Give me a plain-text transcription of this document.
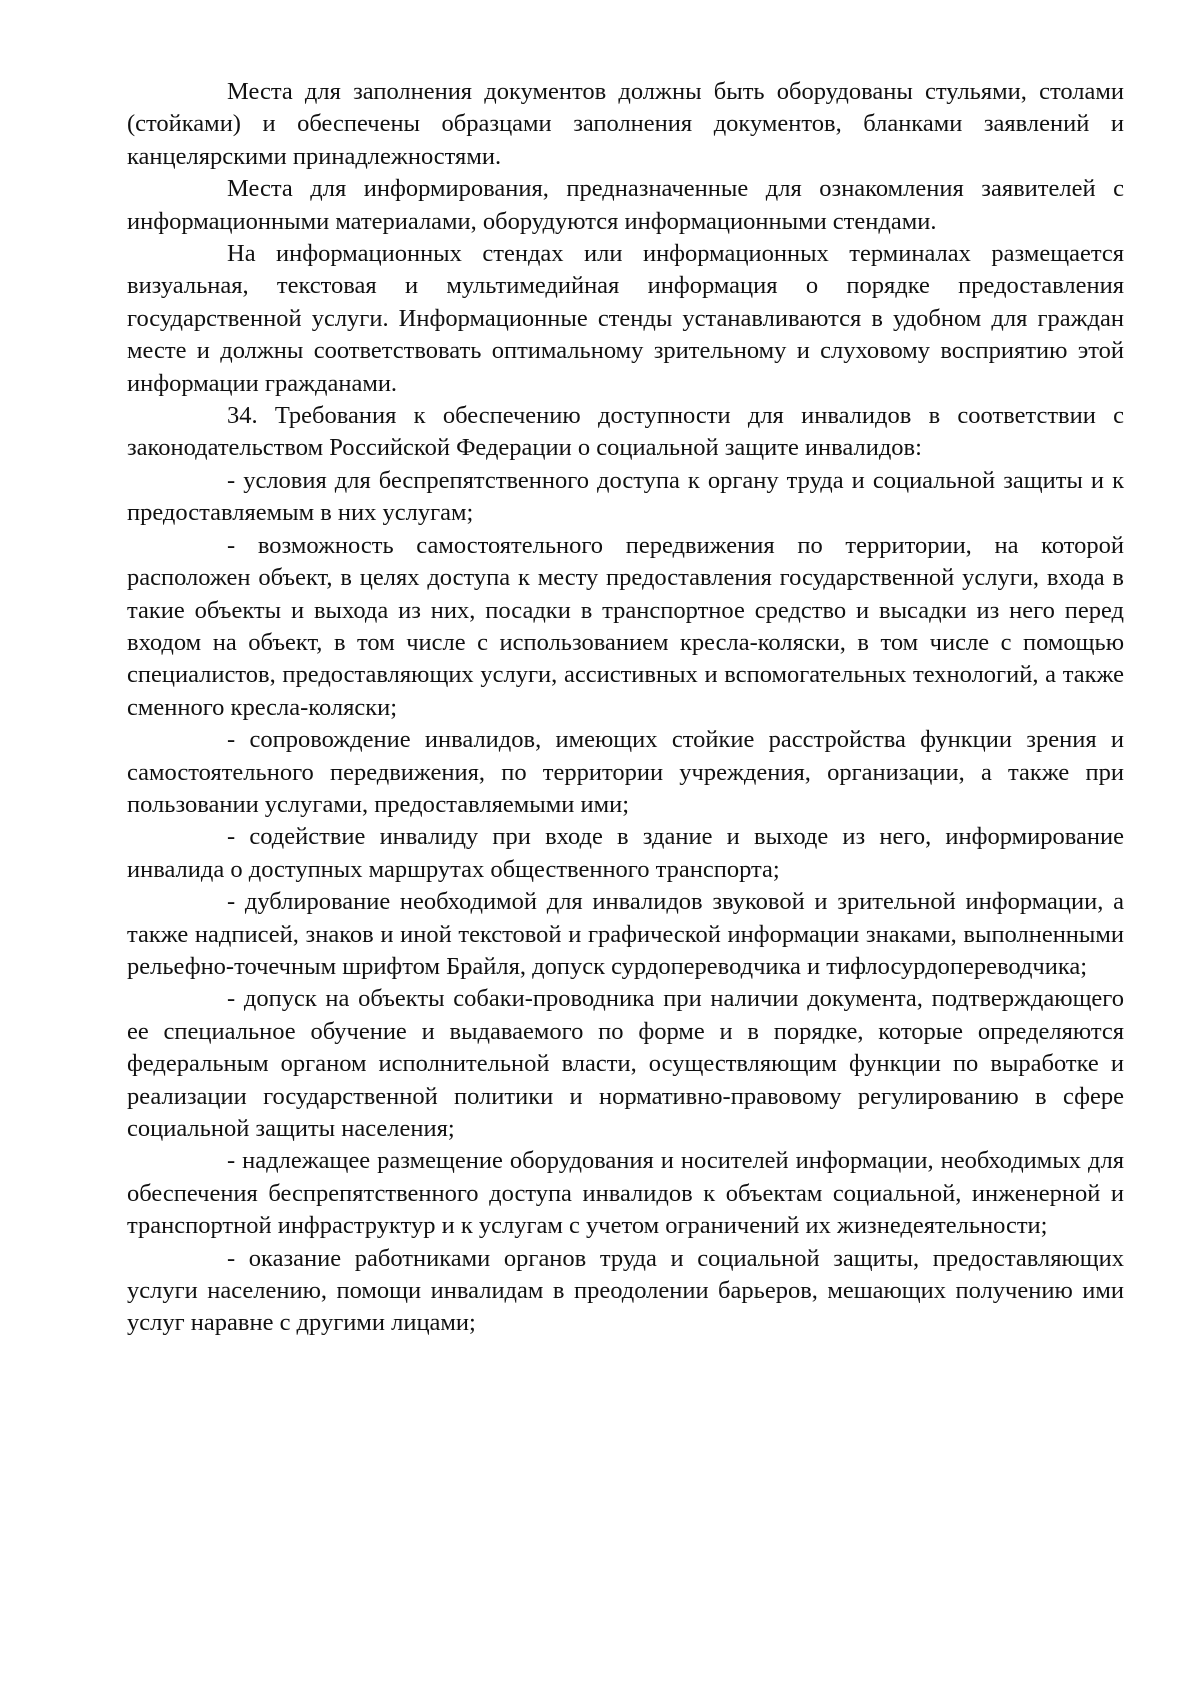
Места для заполнения документов должны быть оборудованы стульями, столами (стойками) и обеспечены образцами заполнения документов, бланками заявлений и канцелярскими принадлежностями.

Места для информирования, предназначенные для ознакомления заявителей с информационными материалами, оборудуются информационными стендами.

На информационных стендах или информационных терминалах размещается визуальная, текстовая и мультимедийная информация о порядке предоставления государственной услуги. Информационные стенды устанавливаются в удобном для граждан месте и должны соответствовать оптимальному зрительному и слуховому восприятию этой информации гражданами.

34. Требования к обеспечению доступности для инвалидов в соответствии с законодательством Российской Федерации о социальной защите инвалидов:

- условия для беспрепятственного доступа к органу труда и социальной защиты и к предоставляемым в них услугам;

- возможность самостоятельного передвижения по территории, на которой расположен объект, в целях доступа к месту предоставления государственной услуги, входа в такие объекты и выхода из них, посадки в транспортное средство и высадки из него перед входом на объект, в том числе с использованием кресла-коляски, в том числе с помощью специалистов, предоставляющих услуги, ассистивных и вспомогательных технологий, а также сменного кресла-коляски;

- сопровождение инвалидов, имеющих стойкие расстройства функции зрения и самостоятельного передвижения, по территории учреждения, организации, а также при пользовании услугами, предоставляемыми ими;

- содействие инвалиду при входе в здание и выходе из него, информирование инвалида о доступных маршрутах общественного транспорта;

- дублирование необходимой для инвалидов звуковой и зрительной информации, а также надписей, знаков и иной текстовой и графической информации знаками, выполненными рельефно-точечным шрифтом Брайля, допуск сурдопереводчика и тифлосурдопереводчика;

- допуск на объекты собаки-проводника при наличии документа, подтверждающего ее специальное обучение и выдаваемого по форме и в порядке, которые определяются федеральным органом исполнительной власти, осуществляющим функции по выработке и реализации государственной политики и нормативно-правовому регулированию в сфере социальной защиты населения;

- надлежащее размещение оборудования и носителей информации, необходимых для обеспечения беспрепятственного доступа инвалидов к объектам социальной, инженерной и транспортной инфраструктур и к услугам с учетом ограничений их жизнедеятельности;

- оказание работниками органов труда и социальной защиты, предоставляющих услуги населению, помощи инвалидам в преодолении барьеров, мешающих получению ими услуг наравне с другими лицами;
